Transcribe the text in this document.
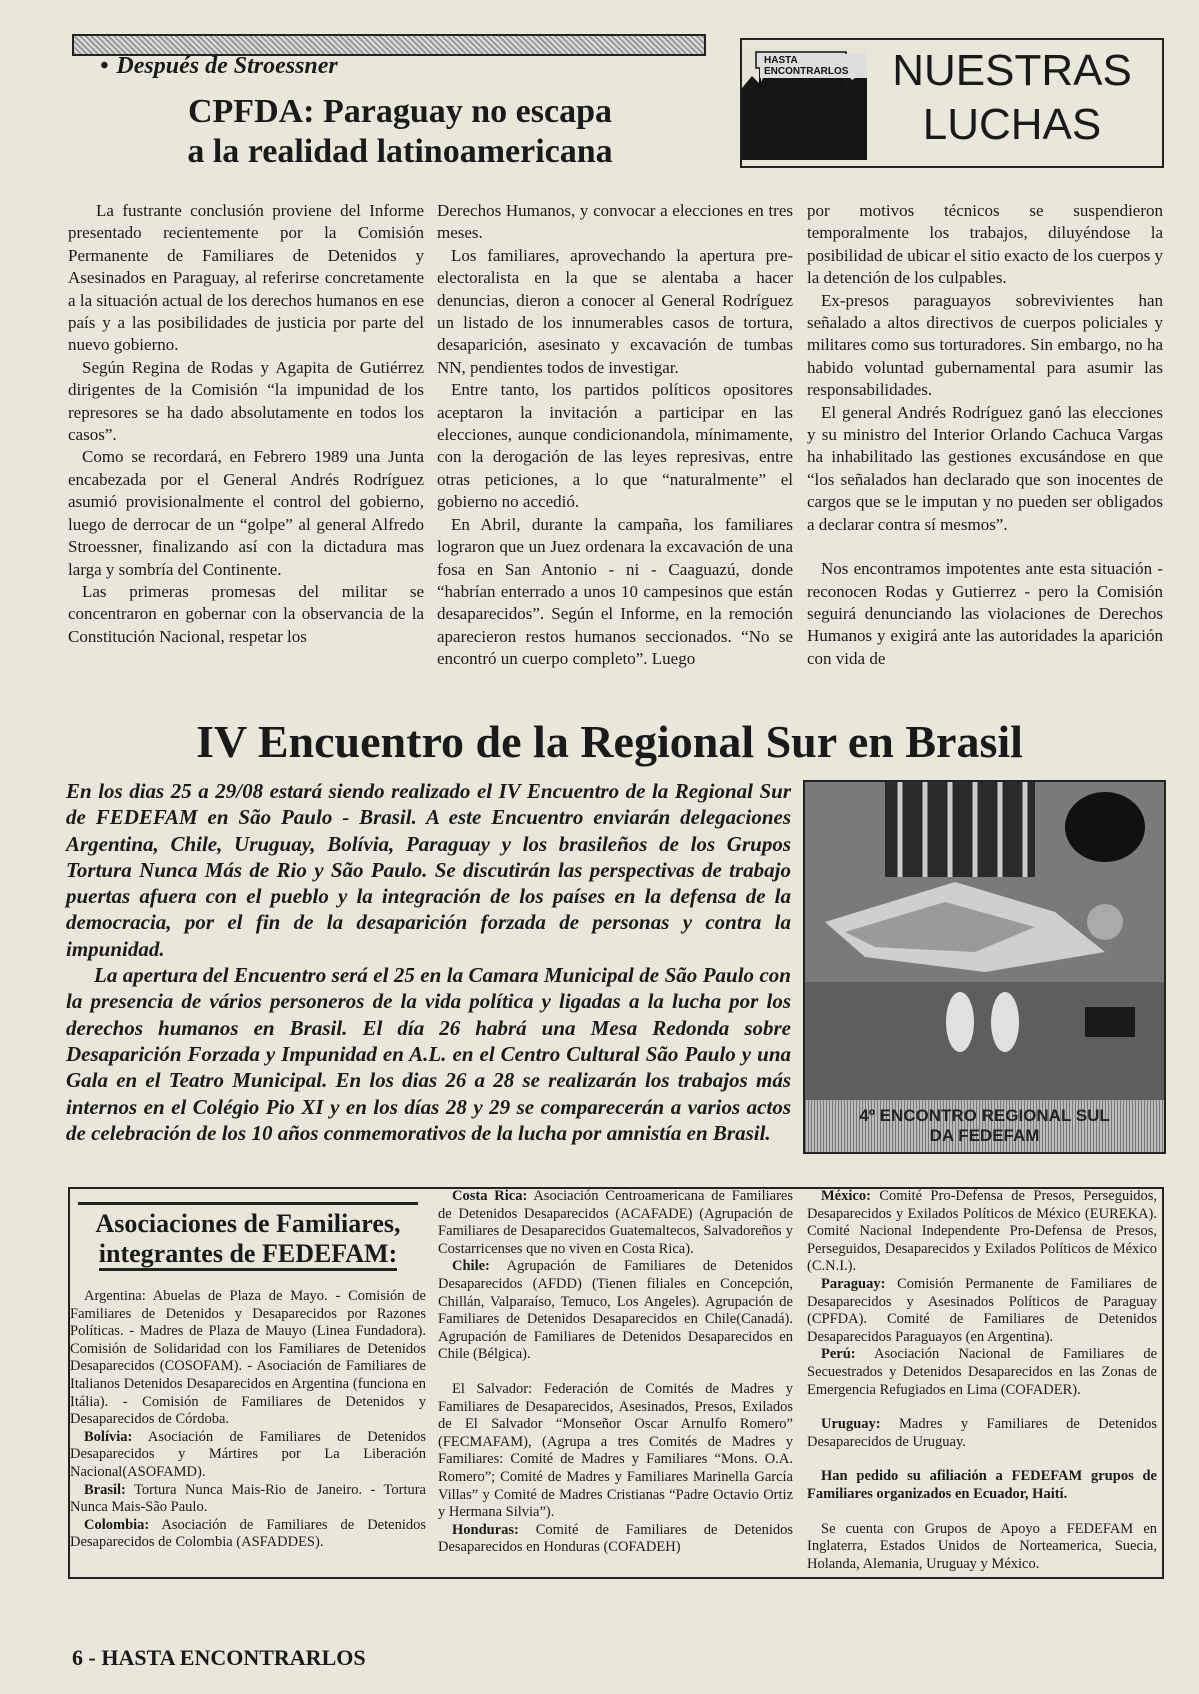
• Después de Stroessner
CPFDA: Paraguay no escapa
a la realidad latinoamericana
HASTA ENCONTRARLOS NUESTRAS
LUCHAS

La fustrante conclusión proviene del Informe presentado recientemente por la Comisión Permanente de Familiares de Detenidos y Asesinados en Paraguay, al referirse concretamente a la situación actual de los derechos humanos en ese país y a las posibilidades de justicia por parte del nuevo gobierno.

Según Regina de Rodas y Agapita de Gutiérrez dirigentes de la Comisión “la impunidad de los represores se ha dado absolutamente en todos los casos”.

Como se recordará, en Febrero 1989 una Junta encabezada por el General Andrés Rodríguez asumió provisionalmente el control del gobierno, luego de derrocar de un “golpe” al general Alfredo Stroessner, finalizando así con la dictadura mas larga y sombría del Continente.

Las primeras promesas del militar se concentraron en gobernar con la observancia de la Constitución Nacional, respetar los

Derechos Humanos, y convocar a elecciones en tres meses.

Los familiares, aprovechando la apertura pre-electoralista en la que se alentaba a hacer denuncias, dieron a conocer al General Rodríguez un listado de los innumerables casos de tortura, desaparición, asesinato y excavación de tumbas NN, pendientes todos de investigar.

Entre tanto, los partidos políticos opositores aceptaron la invitación a participar en las elecciones, aunque condicionandola, mínimamente, con la derogación de las leyes represivas, entre otras peticiones, a lo que “naturalmente” el gobierno no accedió.

En Abril, durante la campaña, los familiares lograron que un Juez ordenara la excavación de una fosa en San Antonio - ni - Caaguazú, donde “habrían enterrado a unos 10 campesinos que están desaparecidos”. Según el Informe, en la remoción aparecieron restos humanos seccionados. “No se encontró un cuerpo completo”. Luego

por motivos técnicos se suspendieron temporalmente los trabajos, diluyéndose la posibilidad de ubicar el sitio exacto de los cuerpos y la detención de los culpables.

Ex-presos paraguayos sobrevivientes han señalado a altos directivos de cuerpos policiales y militares como sus torturadores. Sin embargo, no ha habido voluntad gubernamental para asumir las responsabilidades.

El general Andrés Rodríguez ganó las elecciones y su ministro del Interior Orlando Cachuca Vargas ha inhabilitado las gestiones excusándose en que “los señalados han declarado que son inocentes de cargos que se le imputan y no pueden ser obligados a declarar contra sí mesmos”.

Nos encontramos impotentes ante esta situación - reconocen Rodas y Gutierrez - pero la Comisión seguirá denunciando las violaciones de Derechos Humanos y exigirá ante las autoridades la aparición con vida de

IV Encuentro de la Regional Sur en Brasil

En los dias 25 a 29/08 estará siendo realizado el IV Encuentro de la Regional Sur de FEDEFAM en São Paulo - Brasil. A este Encuentro enviarán delegaciones Argentina, Chile, Uruguay, Bolívia, Paraguay y los brasileños de los Grupos Tortura Nunca Más de Rio y São Paulo. Se discutirán las perspectivas de trabajo puertas afuera con el pueblo y la integración de los países en la defensa de la democracia, por el fin de la desaparición forzada de personas y contra la impunidad.

La apertura del Encuentro será el 25 en la Camara Municipal de São Paulo con la presencia de vários personeros de la vida política y ligadas a la lucha por los derechos humanos en Brasil. El día 26 habrá una Mesa Redonda sobre Desaparición Forzada y Impunidad en A.L. en el Centro Cultural São Paulo y una Gala en el Teatro Municipal. En los dias 26 a 28 se realizarán los trabajos más internos en el Colégio Pio XI y en los días 28 y 29 se comparecerán a varios actos de celebración de los 10 años conmemorativos de la lucha por amnistía en Brasil.

4º ENCONTRO REGIONAL SUL
DA FEDEFAM
Asociaciones de Familiares,
integrantes de FEDEFAM:

Argentina: Abuelas de Plaza de Mayo. - Comisión de Familiares de Detenidos y Desaparecidos por Razones Políticas. - Madres de Plaza de Mauyo (Linea Fundadora). Comisión de Solidaridad con los Familiares de Detenidos Desaparecidos (COSOFAM). - Asociación de Familiares de Italianos Detenidos Desaparecidos en Argentina (funciona en Itália). - Comisión de Familiares de Detenidos y Desaparecidos de Córdoba.

Bolívia: Asociación de Familiares de Detenidos Desaparecidos y Mártires por La Liberación Nacional(ASOFAMD).

Brasil: Tortura Nunca Mais-Rio de Janeiro. - Tortura Nunca Mais-São Paulo.

Colombia: Asociación de Familiares de Detenidos Desaparecidos de Colombia (ASFADDES).

Costa Rica: Asociación Centroamericana de Familiares de Detenidos Desaparecidos (ACAFADE) (Agrupación de Familiares de Desaparecidos Guatemaltecos, Salvadoreños y Costarricenses que no viven en Costa Rica).

Chile: Agrupación de Familiares de Detenidos Desaparecidos (AFDD) (Tienen filiales en Concepción, Chillán, Valparaíso, Temuco, Los Angeles). Agrupación de Familiares de Detenidos Desaparecidos en Chile(Canadá). Agrupación de Familiares de Detenidos Desaparecidos en Chile (Bélgica).

El Salvador: Federación de Comités de Madres y Familiares de Desaparecidos, Asesinados, Presos, Exilados de El Salvador “Monseñor Oscar Arnulfo Romero” (FECMAFAM), (Agrupa a tres Comités de Madres y Familiares: Comité de Madres y Familiares “Mons. O.A. Romero”; Comité de Madres y Familiares Marinella García Villas” y Comité de Madres Cristianas “Padre Octavio Ortiz y Hermana Silvia”).

Honduras: Comité de Familiares de Detenidos Desaparecidos en Honduras (COFADEH)

México: Comité Pro-Defensa de Presos, Perseguidos, Desaparecidos y Exilados Políticos de México (EUREKA). Comité Nacional Independente Pro-Defensa de Presos, Perseguidos, Desaparecidos y Exilados Políticos de México (C.N.I.).

Paraguay: Comisión Permanente de Familiares de Desaparecidos y Asesinados Políticos de Paraguay (CPFDA). Comité de Familiares de Detenidos Desaparecidos Paraguayos (en Argentina).

Perú: Asociación Nacional de Familiares de Secuestrados y Detenidos Desaparecidos en las Zonas de Emergencia Refugiados en Lima (COFADER).

Uruguay: Madres y Familiares de Detenidos Desaparecidos de Uruguay.

Han pedido su afiliación a FEDEFAM grupos de Familiares organizados en Ecuador, Haití.

Se cuenta con Grupos de Apoyo a FEDEFAM en Inglaterra, Estados Unidos de Norteamerica, Suecia, Holanda, Alemania, Uruguay y México.

6 - HASTA ENCONTRARLOS
